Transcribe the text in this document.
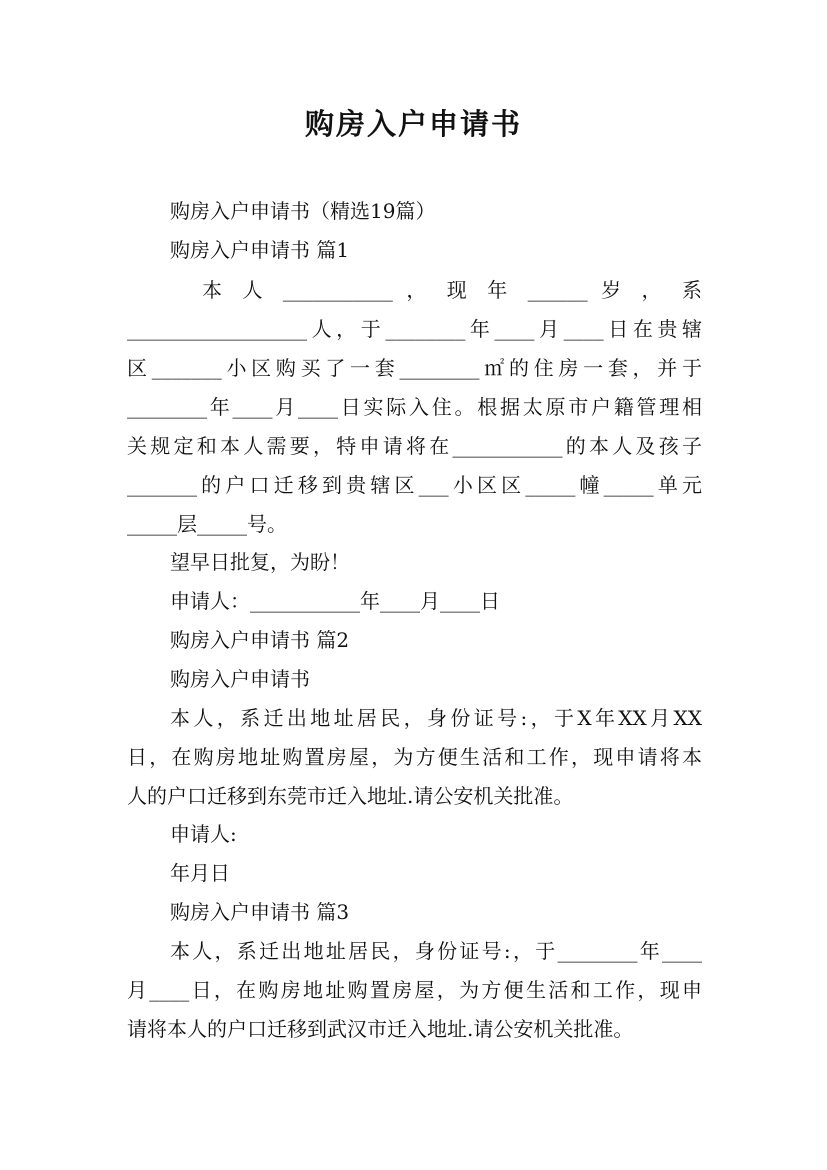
购房入户申请书
购房入户申请书（精选19篇）
购房入户申请书 篇1
本 人 ___________ ， 现 年 ______ 岁 ， 系
__________________人，于________年____月____日在贵辖
区_______小区购买了一套________㎡的住房一套，并于
________年____月____日实际入住。根据太原市户籍管理相
关规定和本人需要，特申请将在___________的本人及孩子
_______的户口迁移到贵辖区___小区区_____幢_____单元
_____层_____号。
望早日批复，为盼！
申请人：___________年____月____日
购房入户申请书 篇2
购房入户申请书
本人，系迁出地址居民，身份证号:，于X年XX月XX
日，在购房地址购置房屋，为方便生活和工作，现申请将本
人的户口迁移到东莞市迁入地址.请公安机关批准。
申请人:
年月日
购房入户申请书 篇3
本人，系迁出地址居民，身份证号:，于________年____
月____日，在购房地址购置房屋，为方便生活和工作，现申
请将本人的户口迁移到武汉市迁入地址.请公安机关批准。
